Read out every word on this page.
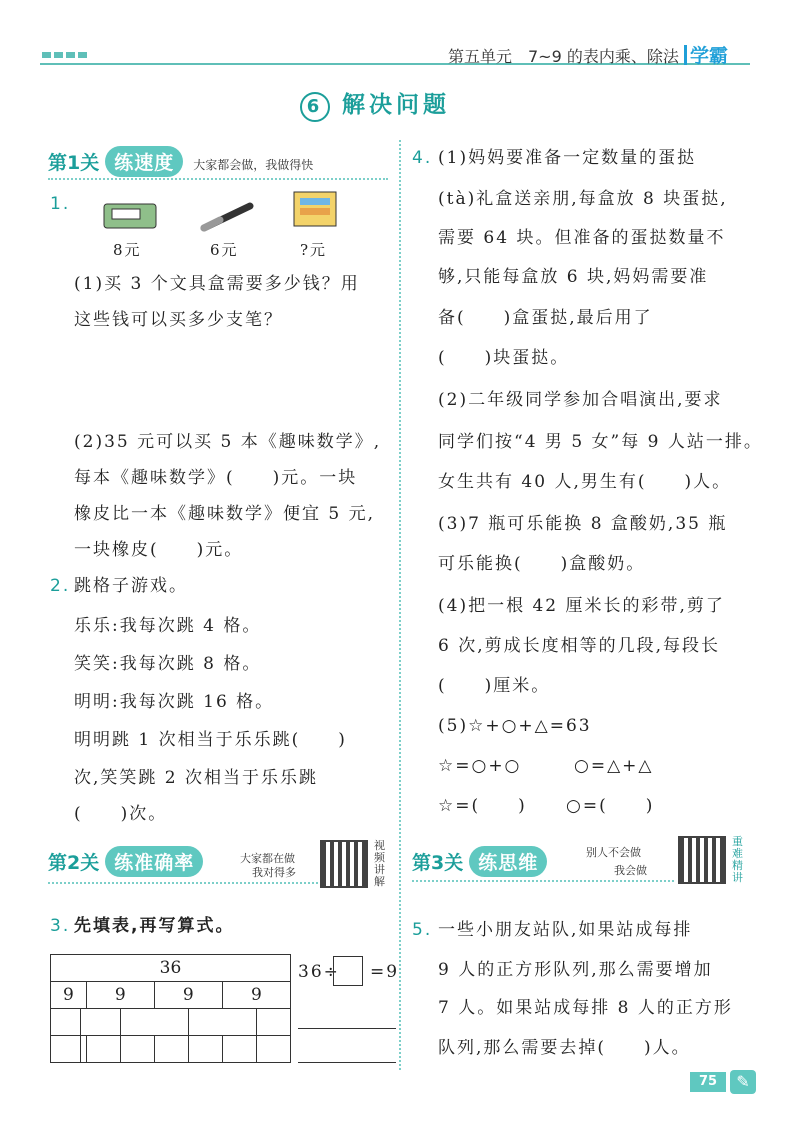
第五单元　7~9 的表内乘、除法 学霸
6 解决问题
第1关 练速度 大家都会做，我做得快
1.
8元	6元	?元
(1)买 3 个文具盒需要多少钱？用
这些钱可以买多少支笔？
(2)35 元可以买 5 本《趣味数学》,
每本《趣味数学》(　　)元。一块
橡皮比一本《趣味数学》便宜 5 元,
一块橡皮(　　)元。
2. 跳格子游戏。
乐乐:我每次跳 4 格。
笑笑:我每次跳 8 格。
明明:我每次跳 16 格。
明明跳 1 次相当于乐乐跳(　　)
次,笑笑跳 2 次相当于乐乐跳
(　　)次。
第2关 练准确率	大家都在做
我对得多
视频讲解
3. 先填表,再写算式。
36							
9		9		9		9	

36÷ =9
4. (1)妈妈要准备一定数量的蛋挞
(tà)礼盒送亲朋,每盒放 8 块蛋挞,
需要 64 块。但准备的蛋挞数量不
够,只能每盒放 6 块,妈妈需要准
备(　　)盒蛋挞,最后用了
(　　)块蛋挞。
(2)二年级同学参加合唱演出,要求
同学们按“4 男 5 女”每 9 人站一排。
女生共有 40 人,男生有(　　)人。
(3)7 瓶可乐能换 8 盒酸奶,35 瓶
可乐能换(　　)盒酸奶。
(4)把一根 42 厘米长的彩带,剪了
6 次,剪成长度相等的几段,每段长
(　　)厘米。
(5)☆+○+△=63
☆=○+○	○=△+△
☆=(　　) ○=(　　)
第3关 练思维	别人不会做
我会做
重难精讲
5. 一些小朋友站队,如果站成每排
9 人的正方形队列,那么需要增加
7 人。如果站成每排 8 人的正方形
队列,那么需要去掉(　　)人。
75	✎
